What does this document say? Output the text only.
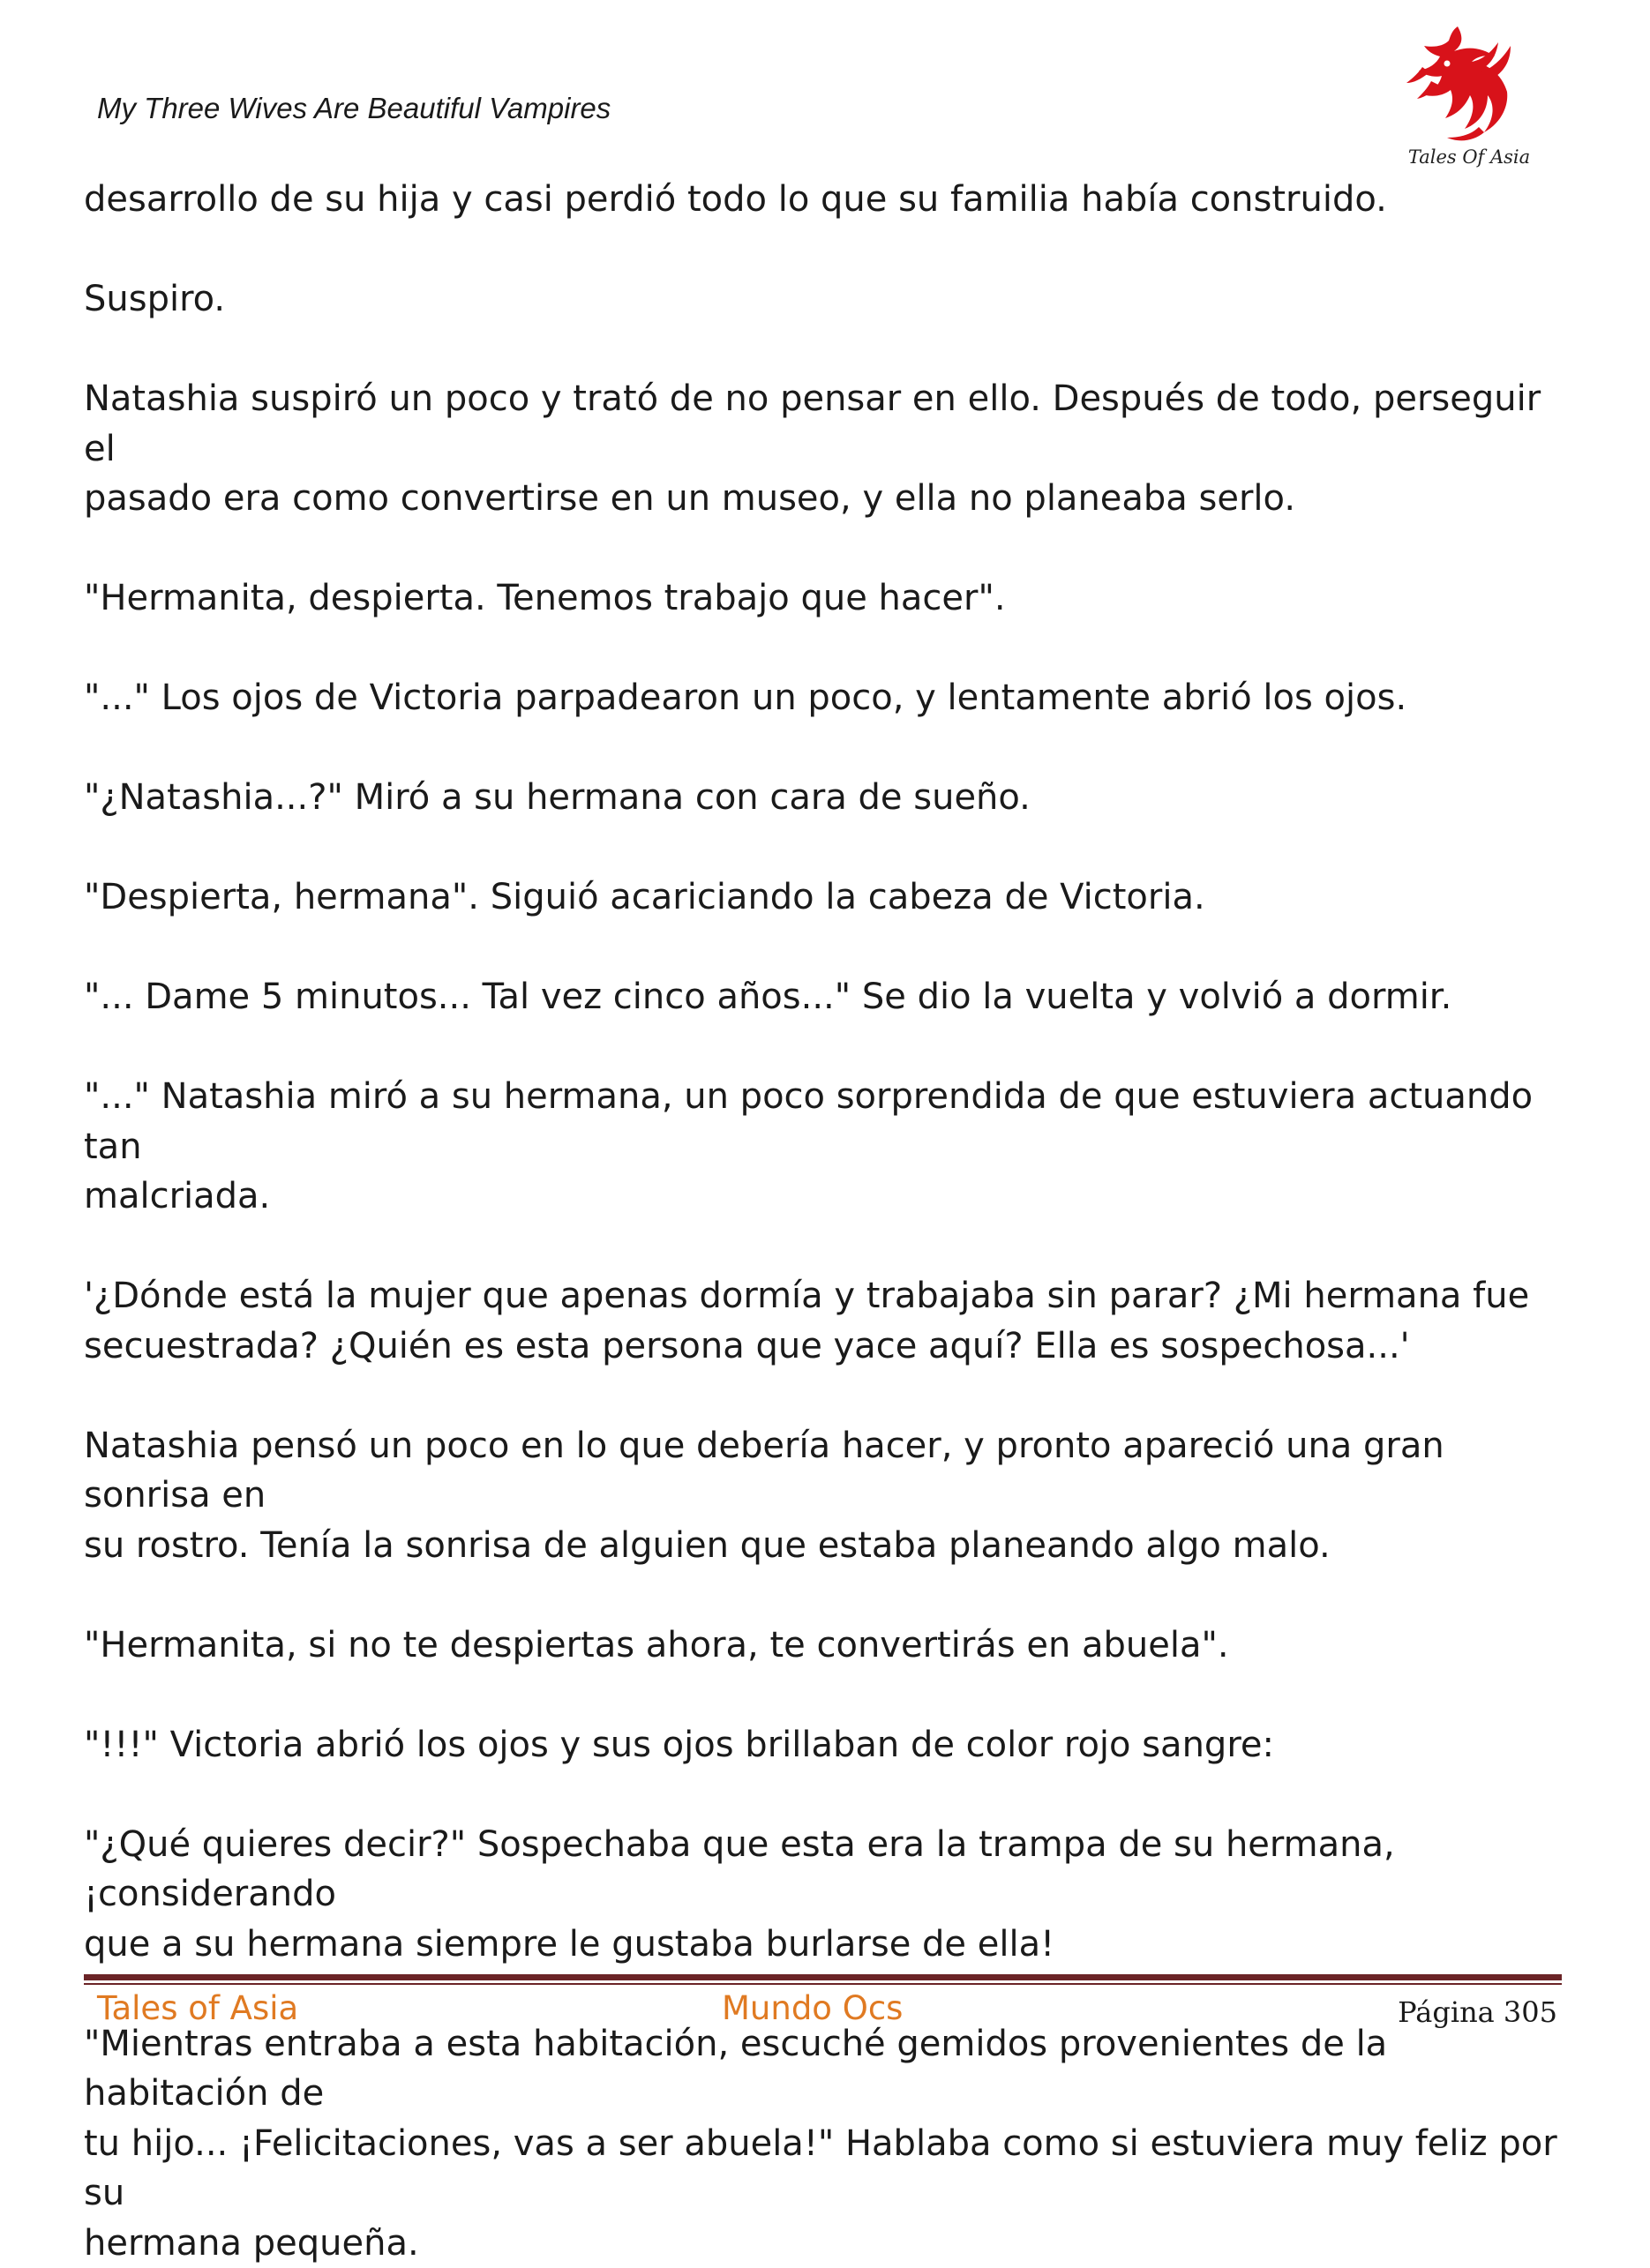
My Three Wives Are Beautiful Vampires
Tales Of Asia

desarrollo de su hija y casi perdió todo lo que su familia había construido.

Suspiro.

Natashia suspiró un poco y trató de no pensar en ello. Después de todo, perseguir el
pasado era como convertirse en un museo, y ella no planeaba serlo.

"Hermanita, despierta. Tenemos trabajo que hacer".

"..." Los ojos de Victoria parpadearon un poco, y lentamente abrió los ojos.

"¿Natashia...?" Miró a su hermana con cara de sueño.

"Despierta, hermana". Siguió acariciando la cabeza de Victoria.

"... Dame 5 minutos... Tal vez cinco años..." Se dio la vuelta y volvió a dormir.

"..." Natashia miró a su hermana, un poco sorprendida de que estuviera actuando tan
malcriada.

'¿Dónde está la mujer que apenas dormía y trabajaba sin parar? ¿Mi hermana fue
secuestrada? ¿Quién es esta persona que yace aquí? Ella es sospechosa...'

Natashia pensó un poco en lo que debería hacer, y pronto apareció una gran sonrisa en
su rostro. Tenía la sonrisa de alguien que estaba planeando algo malo.

"Hermanita, si no te despiertas ahora, te convertirás en abuela".

"!!!" Victoria abrió los ojos y sus ojos brillaban de color rojo sangre:

"¿Qué quieres decir?" Sospechaba que esta era la trampa de su hermana, ¡considerando
que a su hermana siempre le gustaba burlarse de ella!

"Mientras entraba a esta habitación, escuché gemidos provenientes de la habitación de
tu hijo... ¡Felicitaciones, vas a ser abuela!" Hablaba como si estuviera muy feliz por su
hermana pequeña.

Tales of Asia	Mundo Ocs	Página 305
